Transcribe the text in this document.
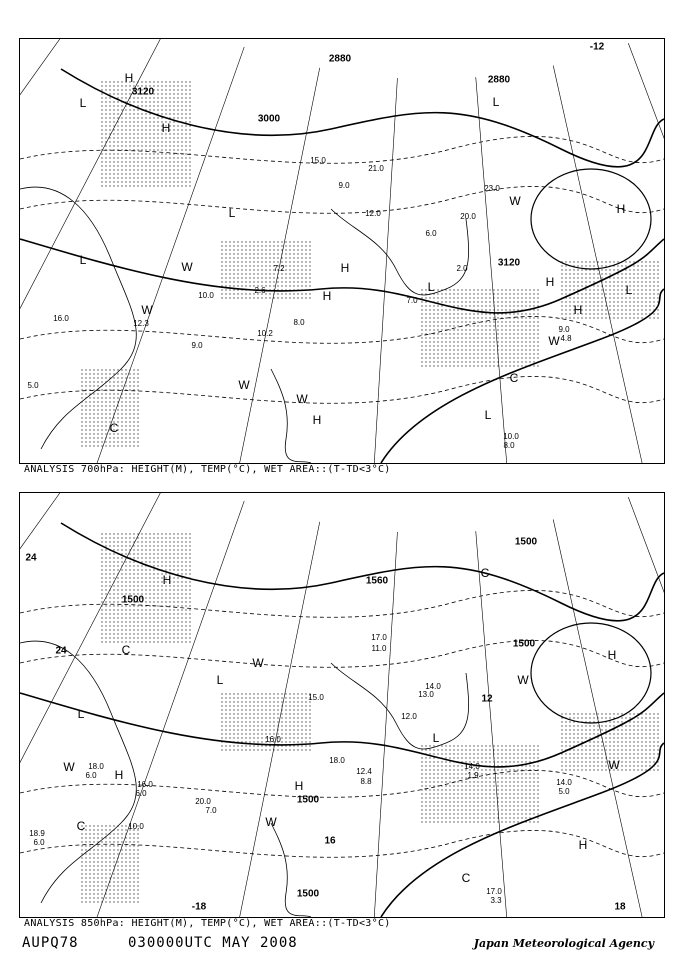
H
L
H
L
L	W	H
H
W
W
W
H
C
L
W
H
L	H
H
L
W
C
L
3120
3000
2880
2880
3120
-12
15.0
21.0
9.0	23.0
20.0
6.0
12.0
7.2
2.6
10.0
10.2
9.0
16.0
12.3
9.0
4.8
10.0
8.0
5.0
7.0
2.0
8.0
ANALYSIS 700hPa: HEIGHT(M), TEMP(°C), WET AREA::(T-TD<3°C)
H
C
L
W
L
W
H
C	W
H
C
L
W
H
W
H
C
1500
1500
1500
1500
24
24
16
18
-18
12
1560
1500
17.0
11.0
14.0
13.0
12.0
14.0
1.9
14.0
5.0
17.0
3.3
18.0
12.4
8.8
20.0
7.0
18.9
6.0
18.0
6.0
16.0
6.0
10.0
16.0
15.0
ANALYSIS 850hPa: HEIGHT(M), TEMP(°C), WET AREA::(T-TD<3°C)
AUPQ78	030000UTC MAY 2008	Japan Meteorological Agency
